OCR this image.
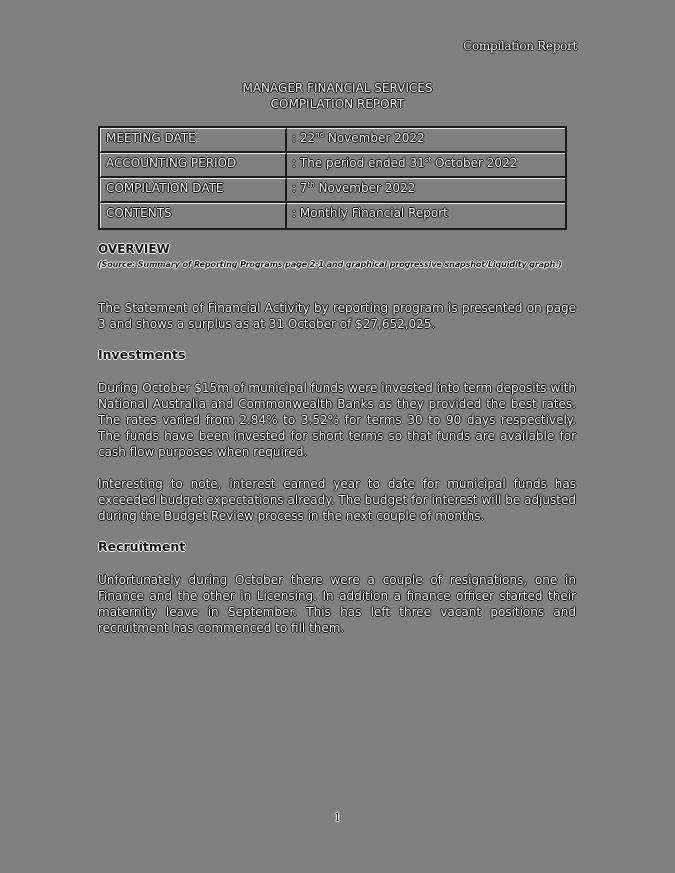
Compilation Report
MANAGER FINANCIAL SERVICES
COMPILATION REPORT
MEETING DATE	: 22nd November 2022
ACCOUNTING PERIOD	: The period ended 31st October 2022
COMPILATION DATE	: 7th November 2022
CONTENTS	: Monthly Financial Report
OVERVIEW
(Source: Summary of Reporting Programs page 2-1 and graphical progressive snapshot/Liquidity graph.)
The Statement of Financial Activity by reporting program is presented on page 3 and shows a surplus as at 31 October of $27,652,025.
Investments
During October $15m of municipal funds were invested into term deposits with National Australia and Commonwealth Banks as they provided the best rates. The rates varied from 2.84% to 3.52% for terms 30 to 90 days respectively. The funds have been invested for short terms so that funds are available for cash flow purposes when required.
Interesting to note, interest earned year to date for municipal funds has exceeded budget expectations already. The budget for interest will be adjusted during the Budget Review process in the next couple of months.
Recruitment
Unfortunately during October there were a couple of resignations, one in Finance and the other in Licensing. In addition a finance officer started their maternity leave in September. This has left three vacant positions and recruitment has commenced to fill them.
1
